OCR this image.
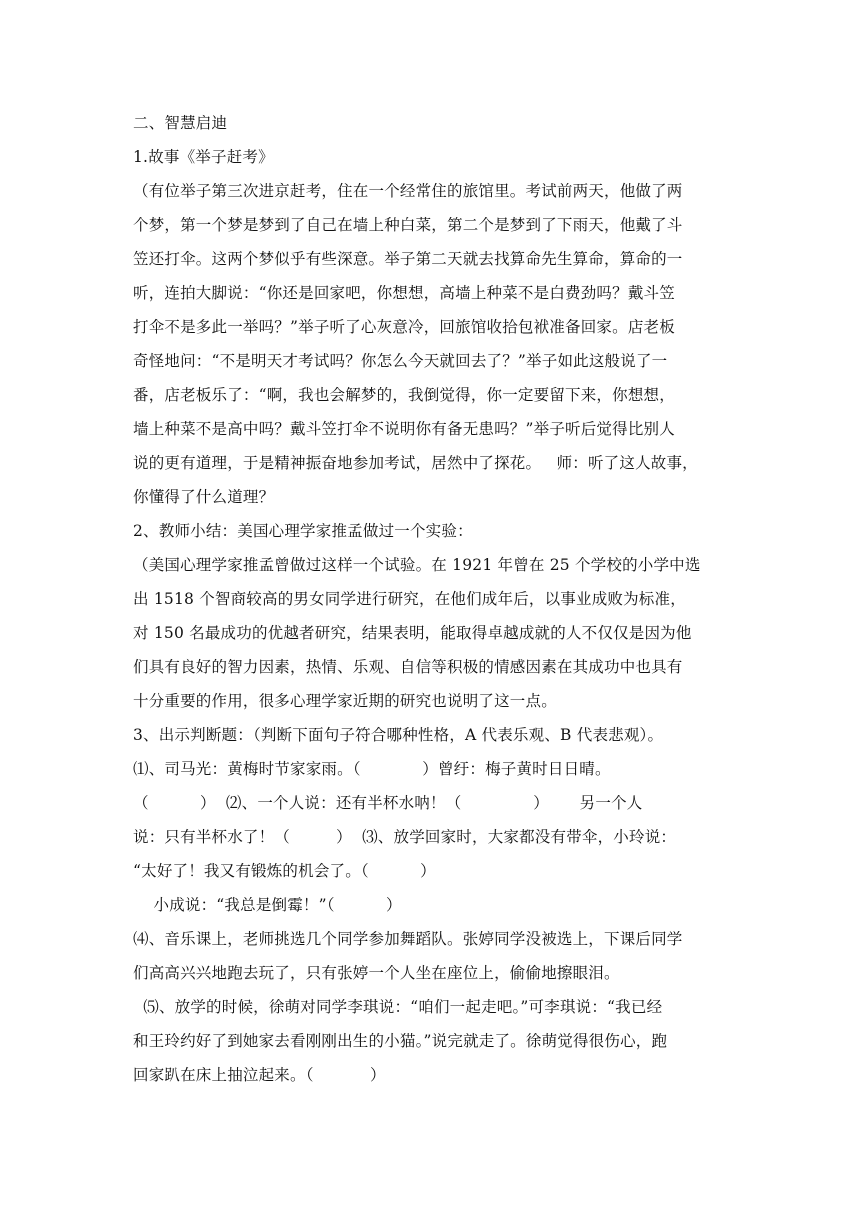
二、智慧启迪
1.故事《举子赶考》
（有位举子第三次进京赶考，住在一个经常住的旅馆里。考试前两天，他做了两
个梦，第一个梦是梦到了自己在墙上种白菜，第二个是梦到了下雨天，他戴了斗
笠还打伞。这两个梦似乎有些深意。举子第二天就去找算命先生算命，算命的一
听，连拍大脚说：“你还是回家吧，你想想，高墙上种菜不是白费劲吗？戴斗笠
打伞不是多此一举吗？”举子听了心灰意冷，回旅馆收拾包袱准备回家。店老板
奇怪地问：“不是明天才考试吗？你怎么今天就回去了？”举子如此这般说了一
番，店老板乐了：“啊，我也会解梦的，我倒觉得，你一定要留下来，你想想，
墙上种菜不是高中吗？戴斗笠打伞不说明你有备无患吗？”举子听后觉得比别人
说的更有道理，于是精神振奋地参加考试，居然中了探花。   师：听了这人故事，
你懂得了什么道理？
2、教师小结：美国心理学家推孟做过一个实验：
（美国心理学家推孟曾做过这样一个试验。在 1921 年曾在 25 个学校的小学中选
出 1518 个智商较高的男女同学进行研究，在他们成年后，以事业成败为标准，
对 150 名最成功的优越者研究，结果表明，能取得卓越成就的人不仅仅是因为他
们具有良好的智力因素，热情、乐观、自信等积极的情感因素在其成功中也具有
十分重要的作用，很多心理学家近期的研究也说明了这一点。
3、出示判断题：（判断下面句子符合哪种性格，A 代表乐观、B 代表悲观）。
⑴、司马光：黄梅时节家家雨。（            ）曾纡：梅子黄时日日晴。
（          ）  ⑵、一个人说：还有半杯水呐！（              ）      另一个人
说：只有半杯水了！（         ）  ⑶、放学回家时，大家都没有带伞，小玲说：
“太好了！我又有锻炼的机会了。（          ）
小成说：“我总是倒霉！”（          ）
⑷、音乐课上，老师挑选几个同学参加舞蹈队。张婷同学没被选上，下课后同学
们高高兴兴地跑去玩了，只有张婷一个人坐在座位上，偷偷地擦眼泪。
⑸、放学的时候，徐萌对同学李琪说：“咱们一起走吧。”可李琪说：“我已经
和王玲约好了到她家去看刚刚出生的小猫。”说完就走了。徐萌觉得很伤心，跑
回家趴在床上抽泣起来。（           ）
